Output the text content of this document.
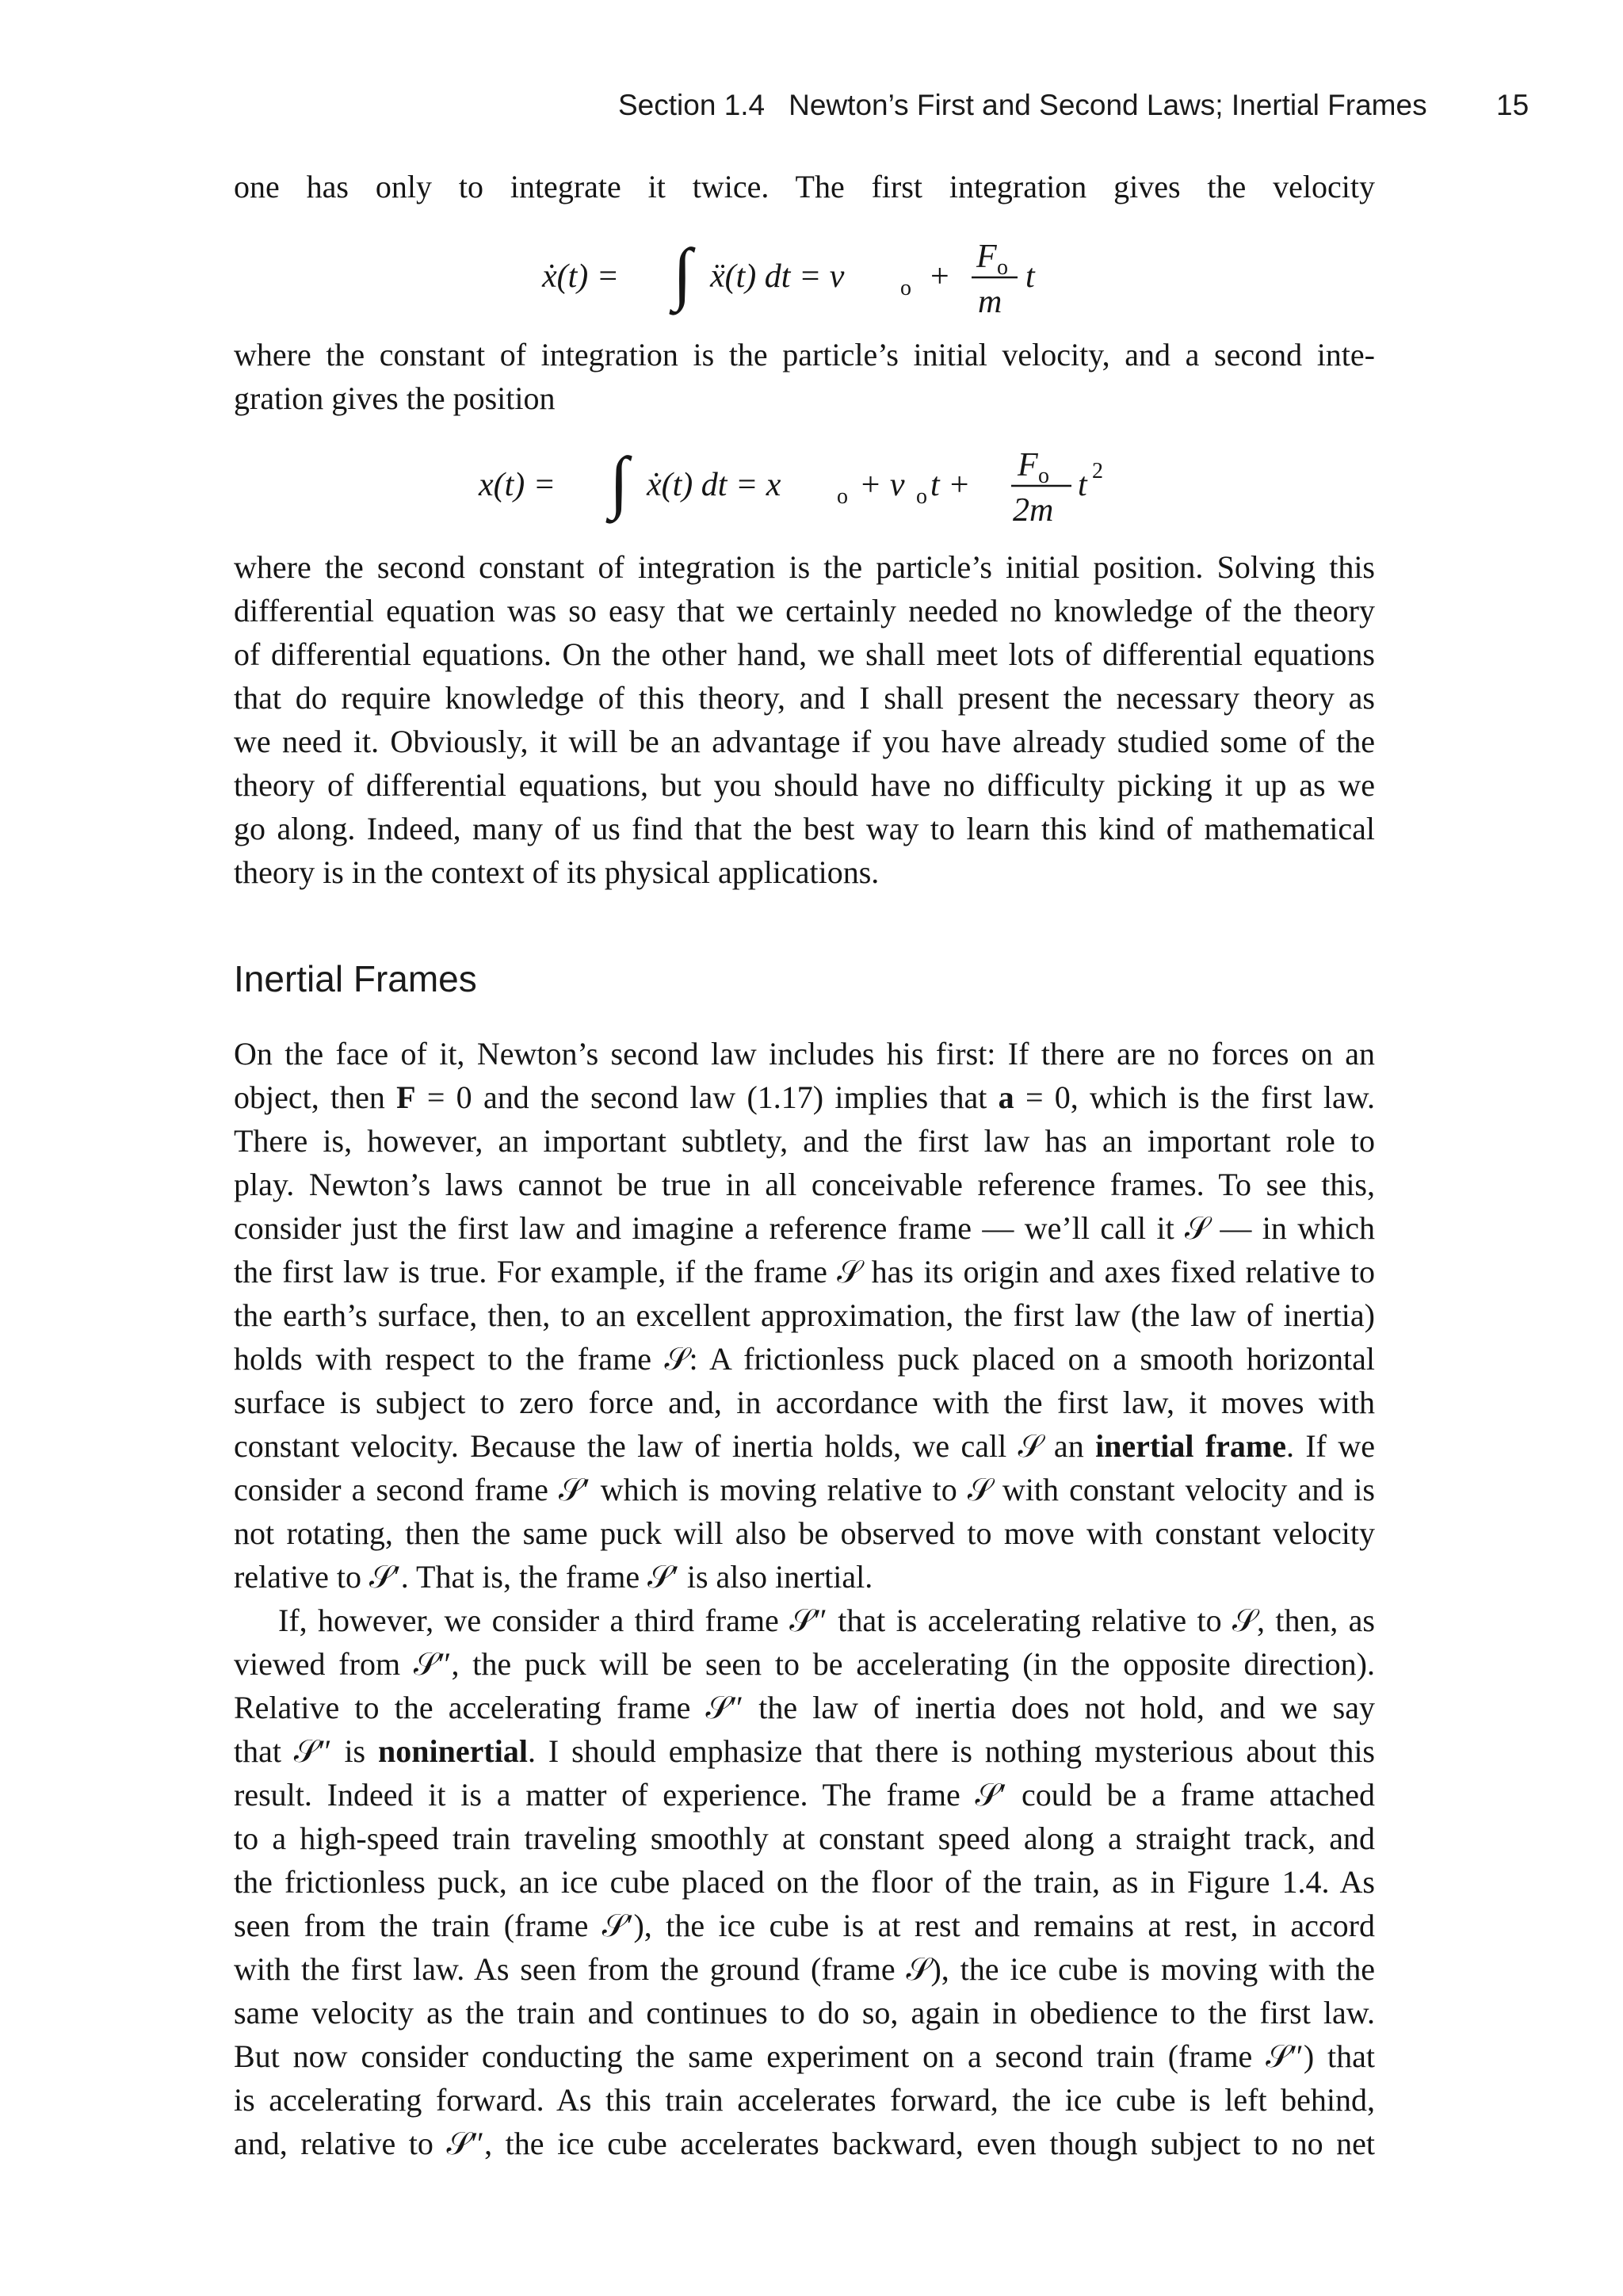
Section 1.4 Newton’s First and Second Laws; Inertial Frames 15
one has only to integrate it twice. The first integration gives the velocity
ẋ(t) = ∫ ẍ(t) dt = v	o +
F o
m
t
where the constant of integration is the particle’s initial velocity, and a second inte-
gration gives the position
x(t) = ∫ ẋ(t) dt = x	o + v o t +
F o
2m
t 2
where the second constant of integration is the particle’s initial position. Solving this
differential equation was so easy that we certainly needed no knowledge of the theory
of differential equations. On the other hand, we shall meet lots of differential equations
that do require knowledge of this theory, and I shall present the necessary theory as
we need it. Obviously, it will be an advantage if you have already studied some of the
theory of differential equations, but you should have no difficulty picking it up as we
go along. Indeed, many of us find that the best way to learn this kind of mathematical
theory is in the context of its physical applications.
Inertial Frames
On the face of it, Newton’s second law includes his first: If there are no forces on an
object, then F = 0 and the second law (1.17) implies that a = 0, which is the first law.
There is, however, an important subtlety, and the first law has an important role to
play. Newton’s laws cannot be true in all conceivable reference frames. To see this,
consider just the first law and imagine a reference frame — we’ll call it 𝒮 — in which
the first law is true. For example, if the frame 𝒮 has its origin and axes fixed relative to
the earth’s surface, then, to an excellent approximation, the first law (the law of inertia)
holds with respect to the frame 𝒮: A frictionless puck placed on a smooth horizontal
surface is subject to zero force and, in accordance with the first law, it moves with
constant velocity. Because the law of inertia holds, we call 𝒮 an inertial frame. If we
consider a second frame 𝒮′ which is moving relative to 𝒮 with constant velocity and is
not rotating, then the same puck will also be observed to move with constant velocity
relative to 𝒮′. That is, the frame 𝒮′ is also inertial.
If, however, we consider a third frame 𝒮″ that is accelerating relative to 𝒮, then, as
viewed from 𝒮″, the puck will be seen to be accelerating (in the opposite direction).
Relative to the accelerating frame 𝒮″ the law of inertia does not hold, and we say
that 𝒮″ is noninertial. I should emphasize that there is nothing mysterious about this
result. Indeed it is a matter of experience. The frame 𝒮′ could be a frame attached
to a high-speed train traveling smoothly at constant speed along a straight track, and
the frictionless puck, an ice cube placed on the floor of the train, as in Figure 1.4. As
seen from the train (frame 𝒮′), the ice cube is at rest and remains at rest, in accord
with the first law. As seen from the ground (frame 𝒮), the ice cube is moving with the
same velocity as the train and continues to do so, again in obedience to the first law.
But now consider conducting the same experiment on a second train (frame 𝒮″) that
is accelerating forward. As this train accelerates forward, the ice cube is left behind,
and, relative to 𝒮″, the ice cube accelerates backward, even though subject to no net
